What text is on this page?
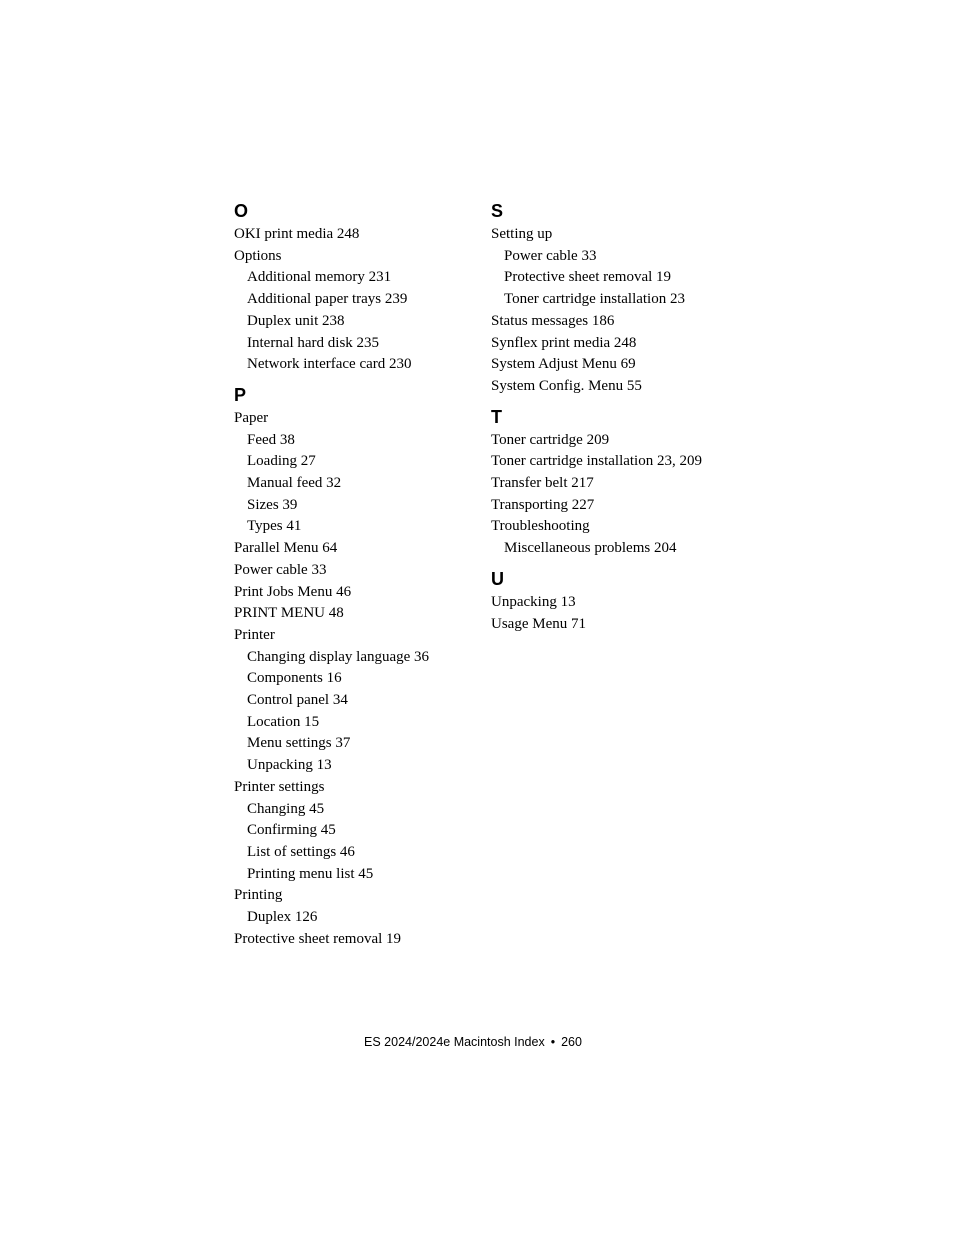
O
OKI print media 248
Options
Additional memory 231
Additional paper trays 239
Duplex unit 238
Internal hard disk 235
Network interface card 230
P
Paper
Feed 38
Loading 27
Manual feed 32
Sizes 39
Types 41
Parallel Menu 64
Power cable 33
Print Jobs Menu 46
PRINT MENU 48
Printer
Changing display language 36
Components 16
Control panel 34
Location 15
Menu settings 37
Unpacking 13
Printer settings
Changing 45
Confirming 45
List of settings 46
Printing menu list 45
Printing
Duplex 126
Protective sheet removal 19
S
Setting up
Power cable 33
Protective sheet removal 19
Toner cartridge installation 23
Status messages 186
Synflex print media 248
System Adjust Menu 69
System Config. Menu 55
T
Toner cartridge 209
Toner cartridge installation 23, 209
Transfer belt 217
Transporting 227
Troubleshooting
Miscellaneous problems 204
U
Unpacking 13
Usage Menu 71
ES 2024/2024e Macintosh Index • 260
